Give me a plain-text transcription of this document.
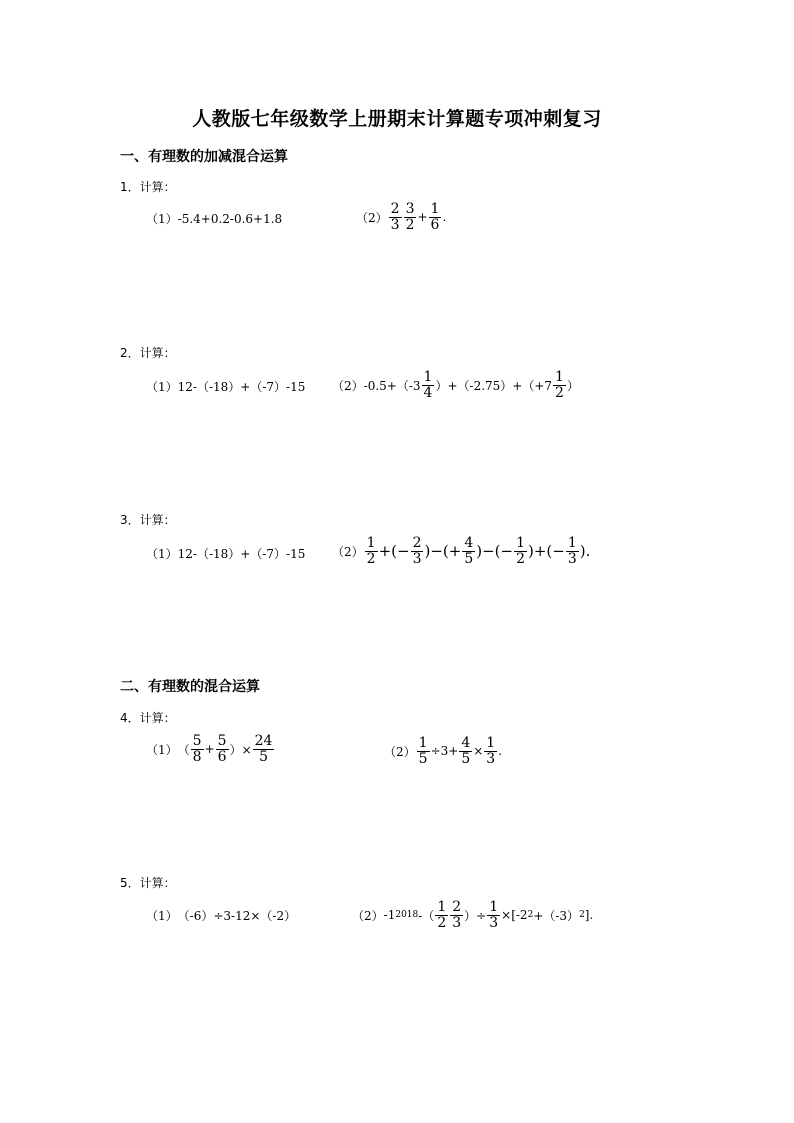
人教版七年级数学上册期末计算题专项冲刺复习
一、有理数的加减混合运算
1．计算：
（1） -5.4+0.2-0.6+1.8	$(2) \frac{2}{3} \frac{3}{2} + \frac{1}{6}$ .
2．计算：
（1） 12-（-18）+（-7）-15 （2） $-0.5+(-3 \frac{1}{4} )+(-2.75)+(+7 \frac{1}{2}$ ）
3．计算：
（1） 12-（-18）+（-7）-15 $(2) \frac{1}{2}$ +(− $\frac{2}{3}$ )−(+ $\frac{4}{5}$ )−(− $\frac{1}{2}$ )+(− $\frac{1}{3}$ ).
二、有理数的混合运算
4．计算：
（1） （ $\frac{5}{8} + \frac{5}{6}$ ）× $\frac{24}{5}$	$(2) \frac{1}{5} \div 3+ \frac{4}{5} \times \frac{1}{3}$ .
5．计算：
（1） （-6）÷3-12×（-2）	（2） -1 2018 -（ $\frac{1}{2} \frac{2}{3}$ ）÷ $\frac{1}{3} \times[-2$ 2 +（-3） 2 ].
